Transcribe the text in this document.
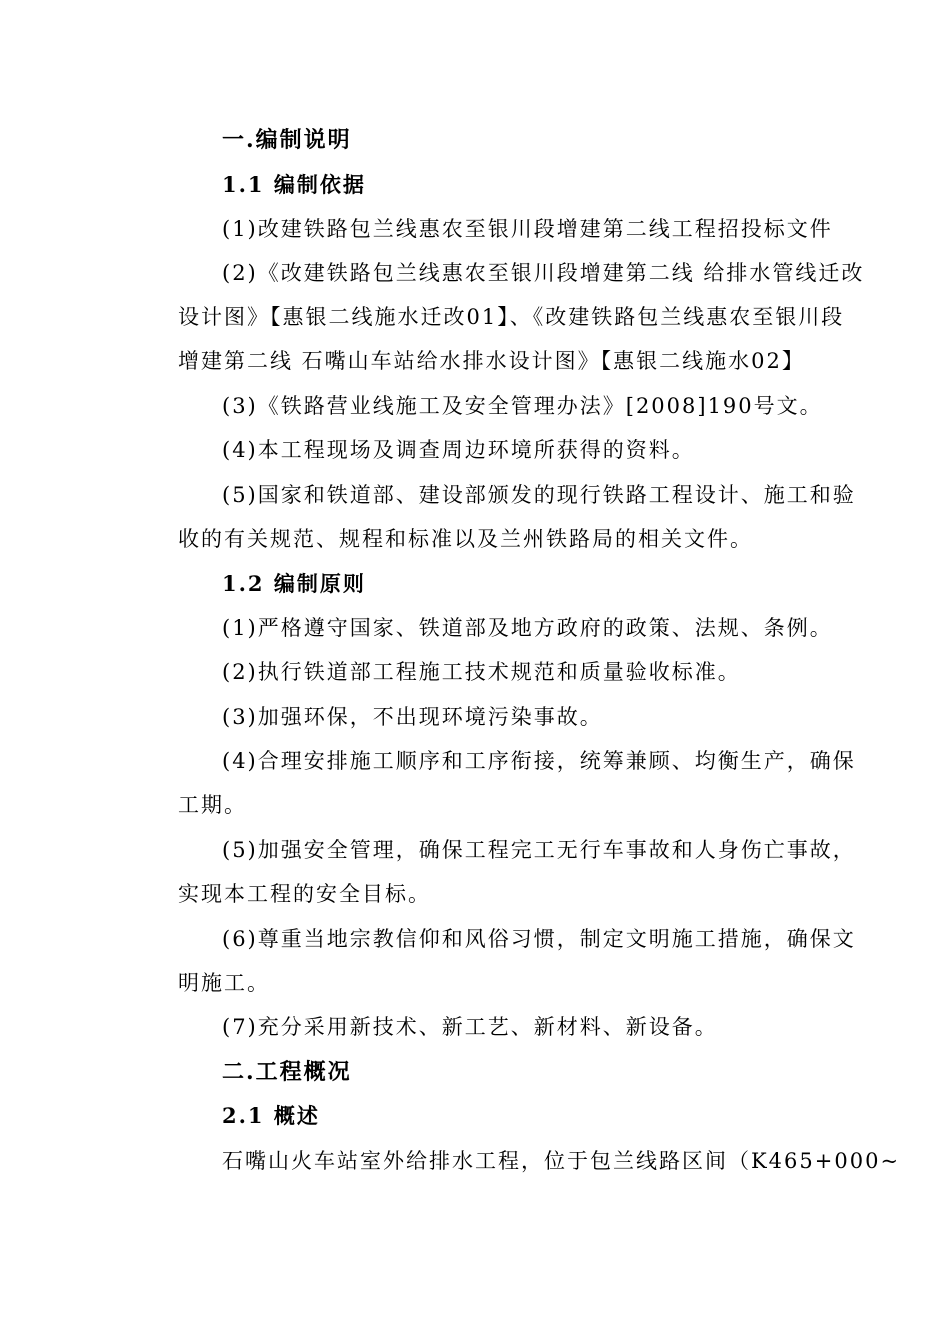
一.编制说明
1.1 编制依据

(1)改建铁路包兰线惠农至银川段增建第二线工程招投标文件

(2)《改建铁路包兰线惠农至银川段增建第二线 给排水管线迁改

设计图》【惠银二线施水迁改01】、《改建铁路包兰线惠农至银川段

增建第二线 石嘴山车站给水排水设计图》【惠银二线施水02】

(3)《铁路营业线施工及安全管理办法》[2008]190号文。

(4)本工程现场及调查周边环境所获得的资料。

(5)国家和铁道部、建设部颁发的现行铁路工程设计、施工和验

收的有关规范、规程和标准以及兰州铁路局的相关文件。

1.2 编制原则

(1)严格遵守国家、铁道部及地方政府的政策、法规、条例。

(2)执行铁道部工程施工技术规范和质量验收标准。

(3)加强环保，不出现环境污染事故。

(4)合理安排施工顺序和工序衔接，统筹兼顾、均衡生产，确保

工期。

(5)加强安全管理，确保工程完工无行车事故和人身伤亡事故，

实现本工程的安全目标。

(6)尊重当地宗教信仰和风俗习惯，制定文明施工措施，确保文

明施工。

(7)充分采用新技术、新工艺、新材料、新设备。

二.工程概况
2.1 概述

石嘴山火车站室外给排水工程，位于包兰线路区间（K465+000~
